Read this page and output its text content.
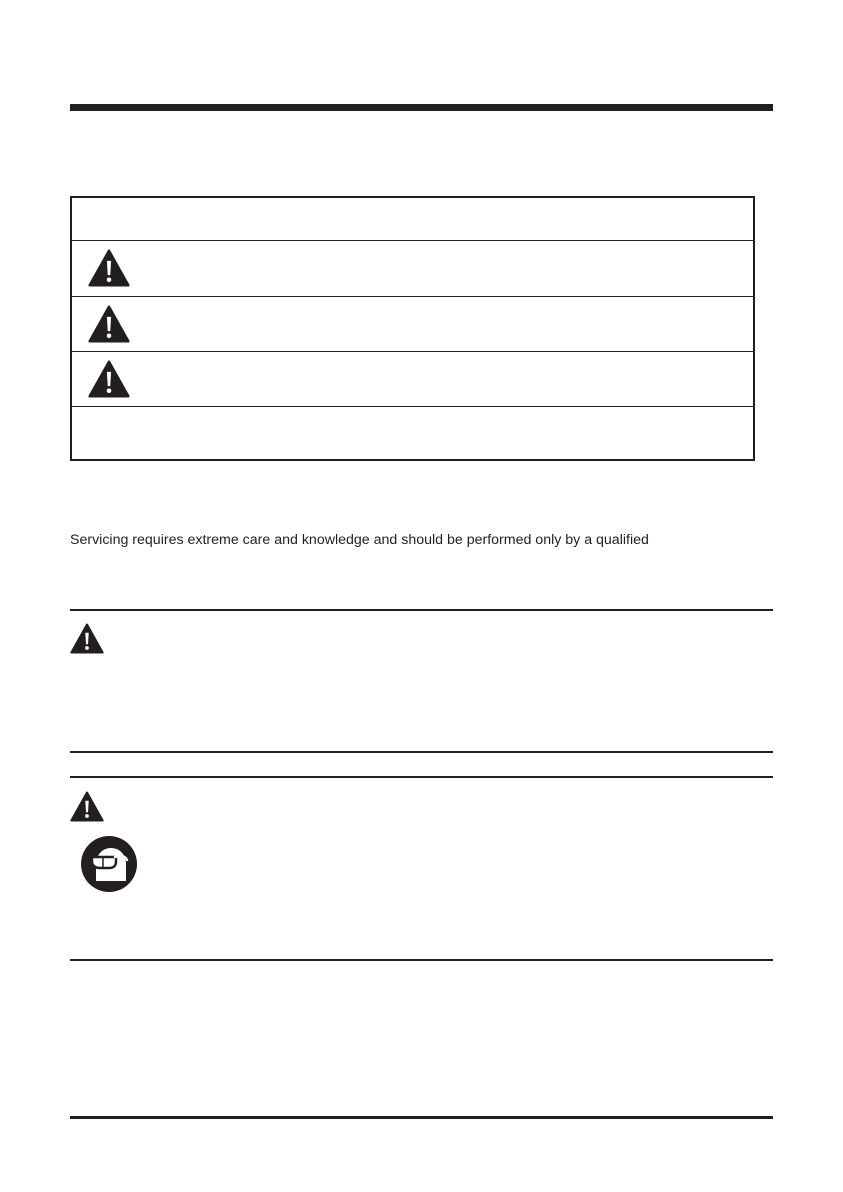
Servicing requires extreme care and knowledge and should be performed only by a qualified
